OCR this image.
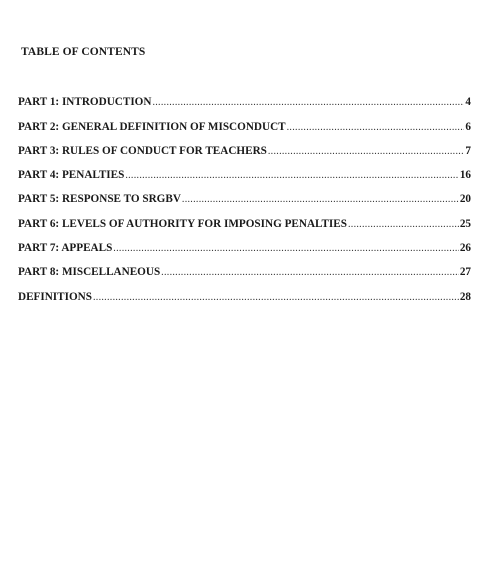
TABLE OF CONTENTS
PART 1: INTRODUCTION .....	4
PART 2: GENERAL DEFINITION OF MISCONDUCT .....	6
PART 3: RULES OF CONDUCT FOR TEACHERS .....	7
PART 4: PENALTIES .....	16
PART 5: RESPONSE TO SRGBV .....	20
PART 6: LEVELS OF AUTHORITY FOR IMPOSING PENALTIES .....	25
PART 7: APPEALS .....	26
PART 8: MISCELLANEOUS .....	27
DEFINITIONS .....	28
